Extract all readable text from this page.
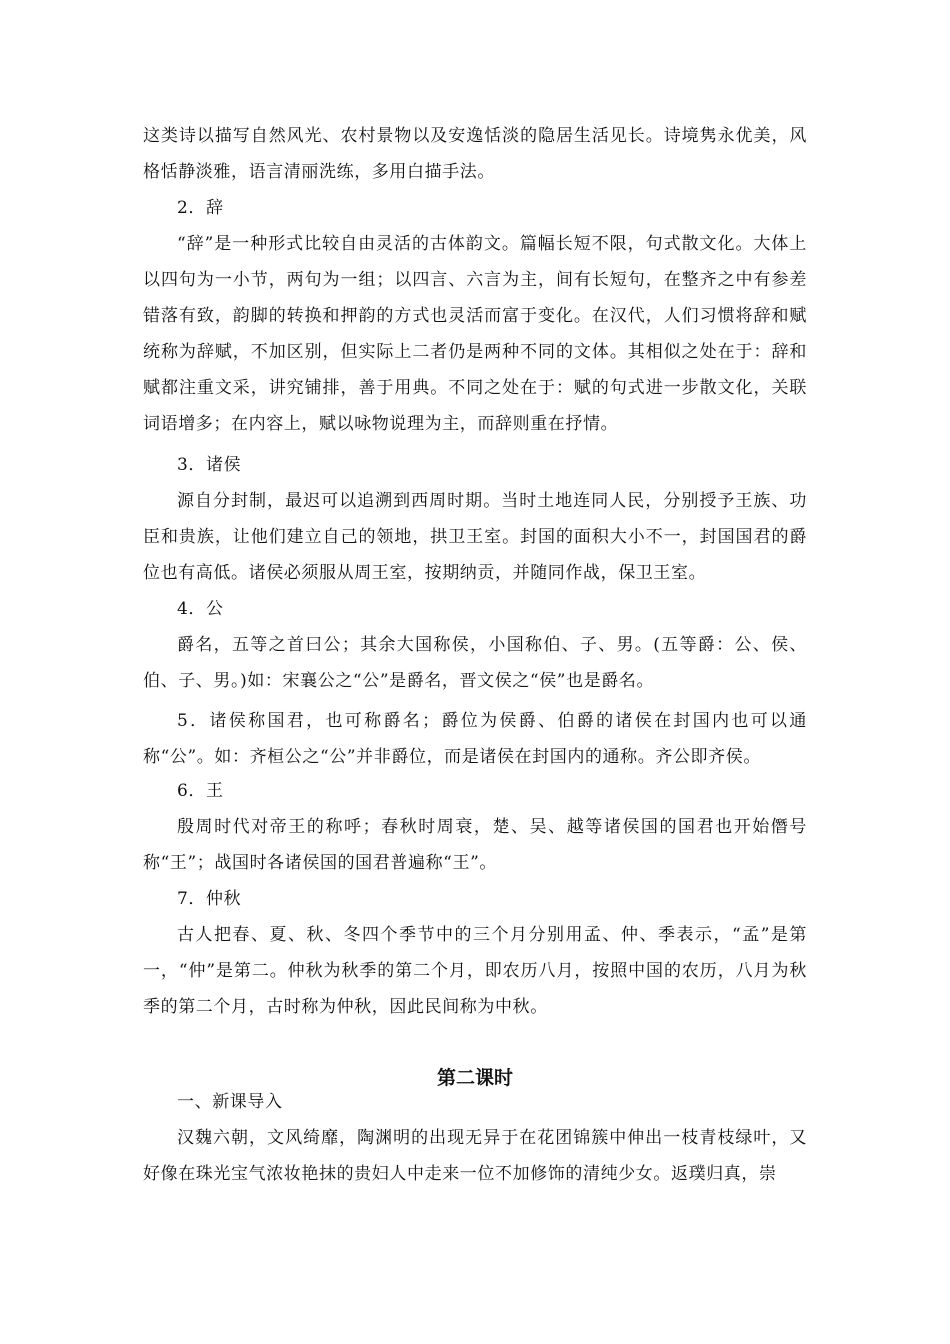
这类诗以描写自然风光、农村景物以及安逸恬淡的隐居生活见长。诗境隽永优美，风格恬静淡雅，语言清丽洗练，多用白描手法。

2．辞

“辞”是一种形式比较自由灵活的古体韵文。篇幅长短不限，句式散文化。大体上以四句为一小节，两句为一组；以四言、六言为主，间有长短句，在整齐之中有参差错落有致，韵脚的转换和押韵的方式也灵活而富于变化。在汉代，人们习惯将辞和赋统称为辞赋，不加区别，但实际上二者仍是两种不同的文体。其相似之处在于：辞和赋都注重文采，讲究铺排，善于用典。不同之处在于：赋的句式进一步散文化，关联词语增多；在内容上，赋以咏物说理为主，而辞则重在抒情。

3．诸侯

源自分封制，最迟可以追溯到西周时期。当时土地连同人民，分别授予王族、功臣和贵族，让他们建立自己的领地，拱卫王室。封国的面积大小不一，封国国君的爵位也有高低。诸侯必须服从周王室，按期纳贡，并随同作战，保卫王室。

4．公

爵名，五等之首曰公；其余大国称侯，小国称伯、子、男。(五等爵：公、侯、伯、子、男。)如：宋襄公之“公”是爵名，晋文侯之“侯”也是爵名。

5．诸侯称国君，也可称爵名；爵位为侯爵、伯爵的诸侯在封国内也可以通称“公”。如：齐桓公之“公”并非爵位，而是诸侯在封国内的通称。齐公即齐侯。

6．王

殷周时代对帝王的称呼；春秋时周衰，楚、吴、越等诸侯国的国君也开始僭号称“王”；战国时各诸侯国的国君普遍称“王”。

7．仲秋

古人把春、夏、秋、冬四个季节中的三个月分别用孟、仲、季表示，“孟”是第一，“仲”是第二。仲秋为秋季的第二个月，即农历八月，按照中国的农历，八月为秋季的第二个月，古时称为仲秋，因此民间称为中秋。

第二课时

一、新课导入

汉魏六朝，文风绮靡，陶渊明的出现无异于在花团锦簇中伸出一枝青枝绿叶，又好像在珠光宝气浓妆艳抹的贵妇人中走来一位不加修饰的清纯少女。返璞归真，崇
